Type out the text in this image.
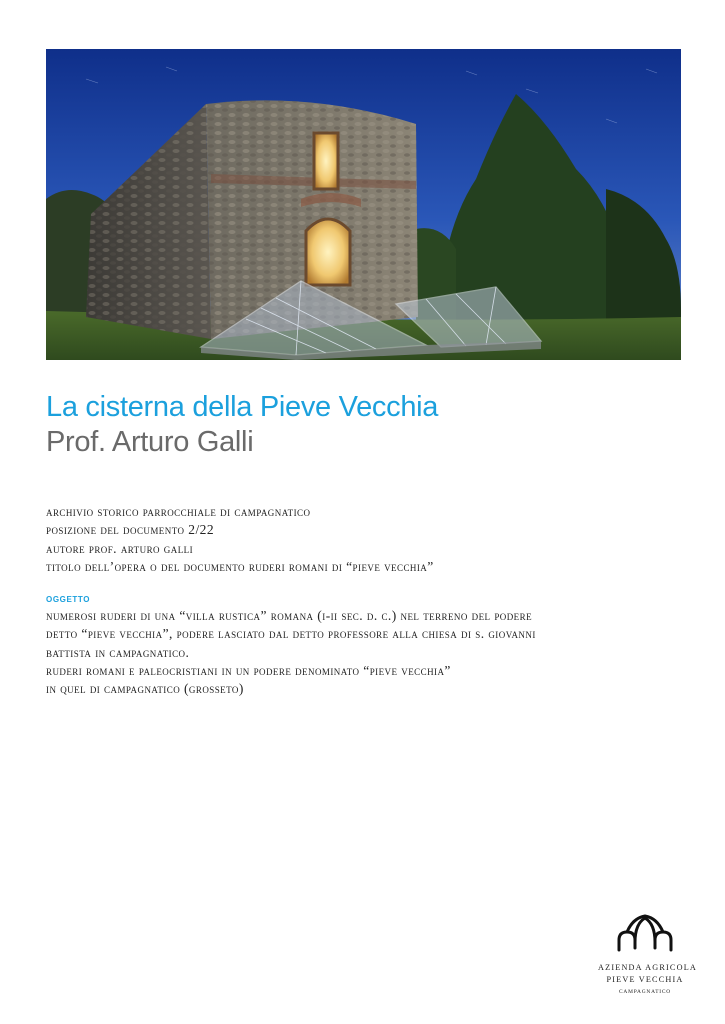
La cisterna della Pieve Vecchia
Prof. Arturo Galli
archivio storico parrocchiale di campagnatico
posizione del documento 2/22
autore prof. arturo galli
titolo dell’opera o del documento ruderi romani di “pieve vecchia”
oggetto
numerosi ruderi di una “villa rustica” romana (i-ii sec. d. c.) nel terreno del podere
detto “pieve vecchia”, podere lasciato dal detto professore alla chiesa di s. giovanni
battista in campagnatico.
ruderi romani e paleocristiani in un podere denominato “pieve vecchia”
in quel di campagnatico (grosseto)
AZIENDA AGRICOLA
PIEVE VECCHIA
CAMPAGNATICO
